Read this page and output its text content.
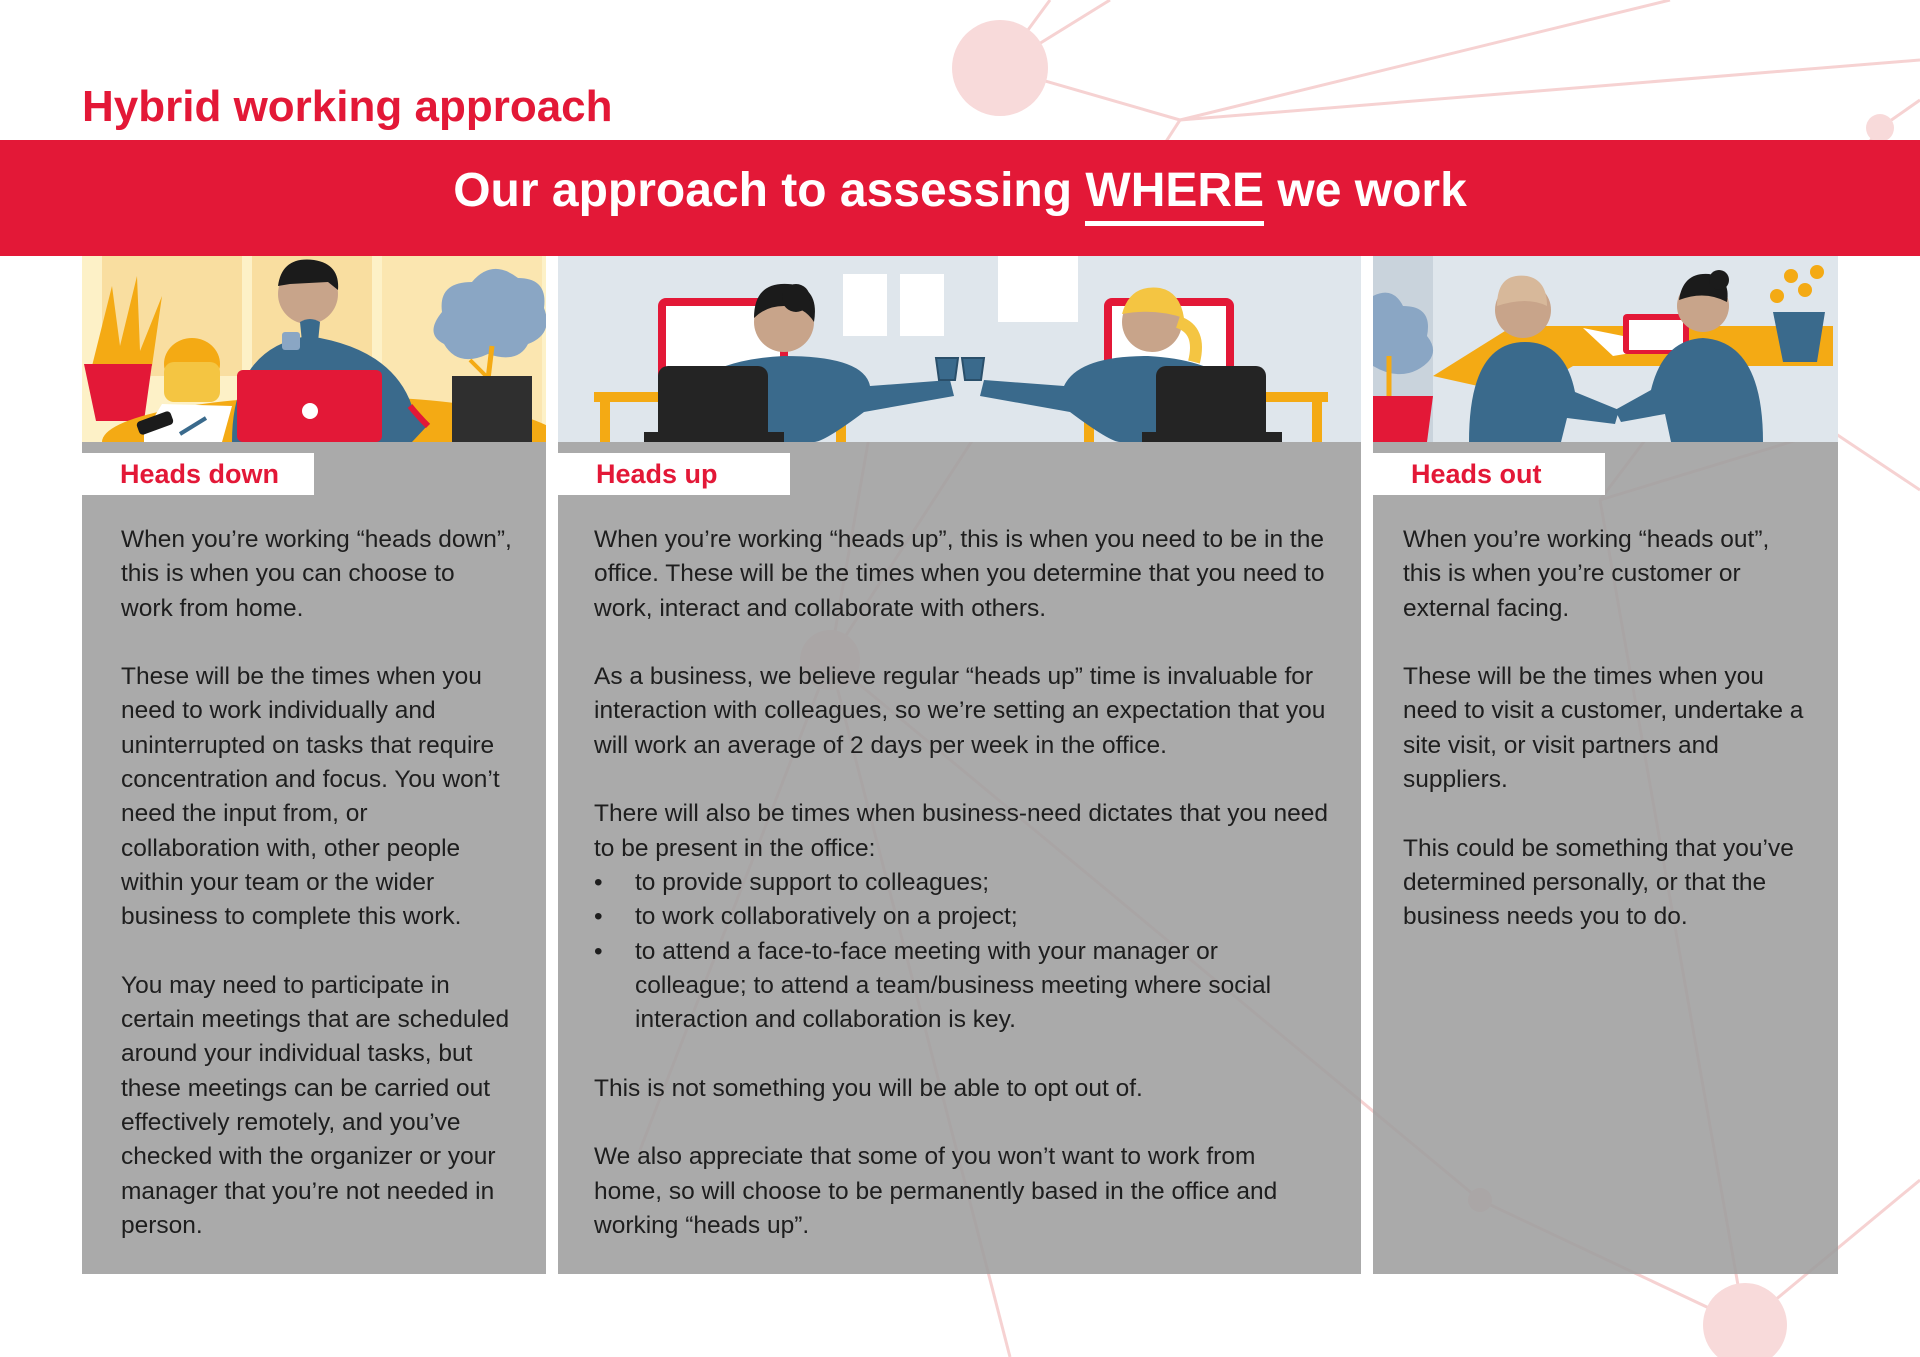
Hybrid working approach
Our approach to assessing WHERE we work
Heads down

When you’re working “heads down”, this is when you can choose to work from home.

These will be the times when you need to work individually and uninterrupted on tasks that require concentration and focus. You won’t need the input from, or collaboration with, other people within your team or the wider business to complete this work.

You may need to participate in certain meetings that are scheduled around your individual tasks, but these meetings can be carried out effectively remotely, and you’ve checked with the organizer or your manager that you’re not needed in person.

Heads up

When you’re working “heads up”, this is when you need to be in the office. These will be the times when you determine that you need to work, interact and collaborate with others.

As a business, we believe regular “heads up” time is invaluable for interaction with colleagues, so we’re setting an expectation that you will work an average of 2 days per week in the office.

There will also be times when business-need dictates that you need to be present in the office:

• to provide support to colleagues;
• to work collaboratively on a project;
• to attend a face-to-face meeting with your manager or colleague; to attend a team/business meeting where social interaction and collaboration is key.

This is not something you will be able to opt out of.

We also appreciate that some of you won’t want to work from home, so will choose to be permanently based in the office and working “heads up”.

Heads out

When you’re working “heads out”, this is when you’re customer or external facing.

These will be the times when you need to visit a customer, undertake a site visit, or visit partners and suppliers.

This could be something that you’ve determined personally, or that the business needs you to do.
